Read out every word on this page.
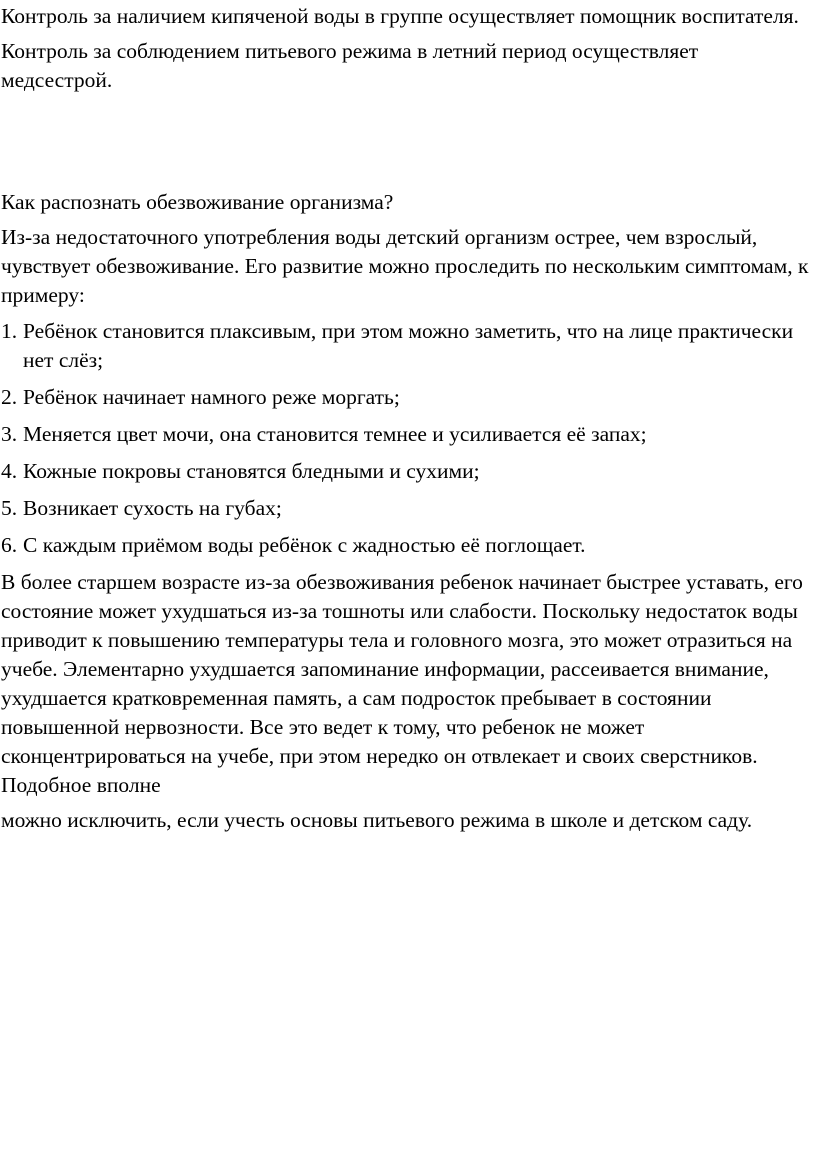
Контроль за наличием кипяченой воды в группе осуществляет помощник воспитателя.

Контроль за соблюдением питьевого режима в летний период осуществляет медсестрой.

Как распознать обезвоживание организма?

Из-за недостаточного употребления воды детский организм острее, чем взрослый, чувствует обезвоживание. Его развитие можно проследить по нескольким симптомам, к примеру:

1. Ребёнок становится плаксивым, при этом можно заметить, что на лице практически нет слёз;
2. Ребёнок начинает намного реже моргать;
3. Меняется цвет мочи, она становится темнее и усиливается её запах;
4. Кожные покровы становятся бледными и сухими;
5. Возникает сухость на губах;
6. С каждым приёмом воды ребёнок с жадностью её поглощает.

В более старшем возрасте из-за обезвоживания ребенок начинает быстрее уставать, его состояние может ухудшаться из-за тошноты или слабости. Поскольку недостаток воды приводит к повышению температуры тела и головного мозга, это может отразиться на учебе. Элементарно ухудшается запоминание информации, рассеивается внимание, ухудшается кратковременная память, а сам подросток пребывает в состоянии повышенной нервозности. Все это ведет к тому, что ребенок не может сконцентрироваться на учебе, при этом нередко он отвлекает и своих сверстников. Подобное вполне

можно исключить, если учесть основы питьевого режима в школе и детском саду.
